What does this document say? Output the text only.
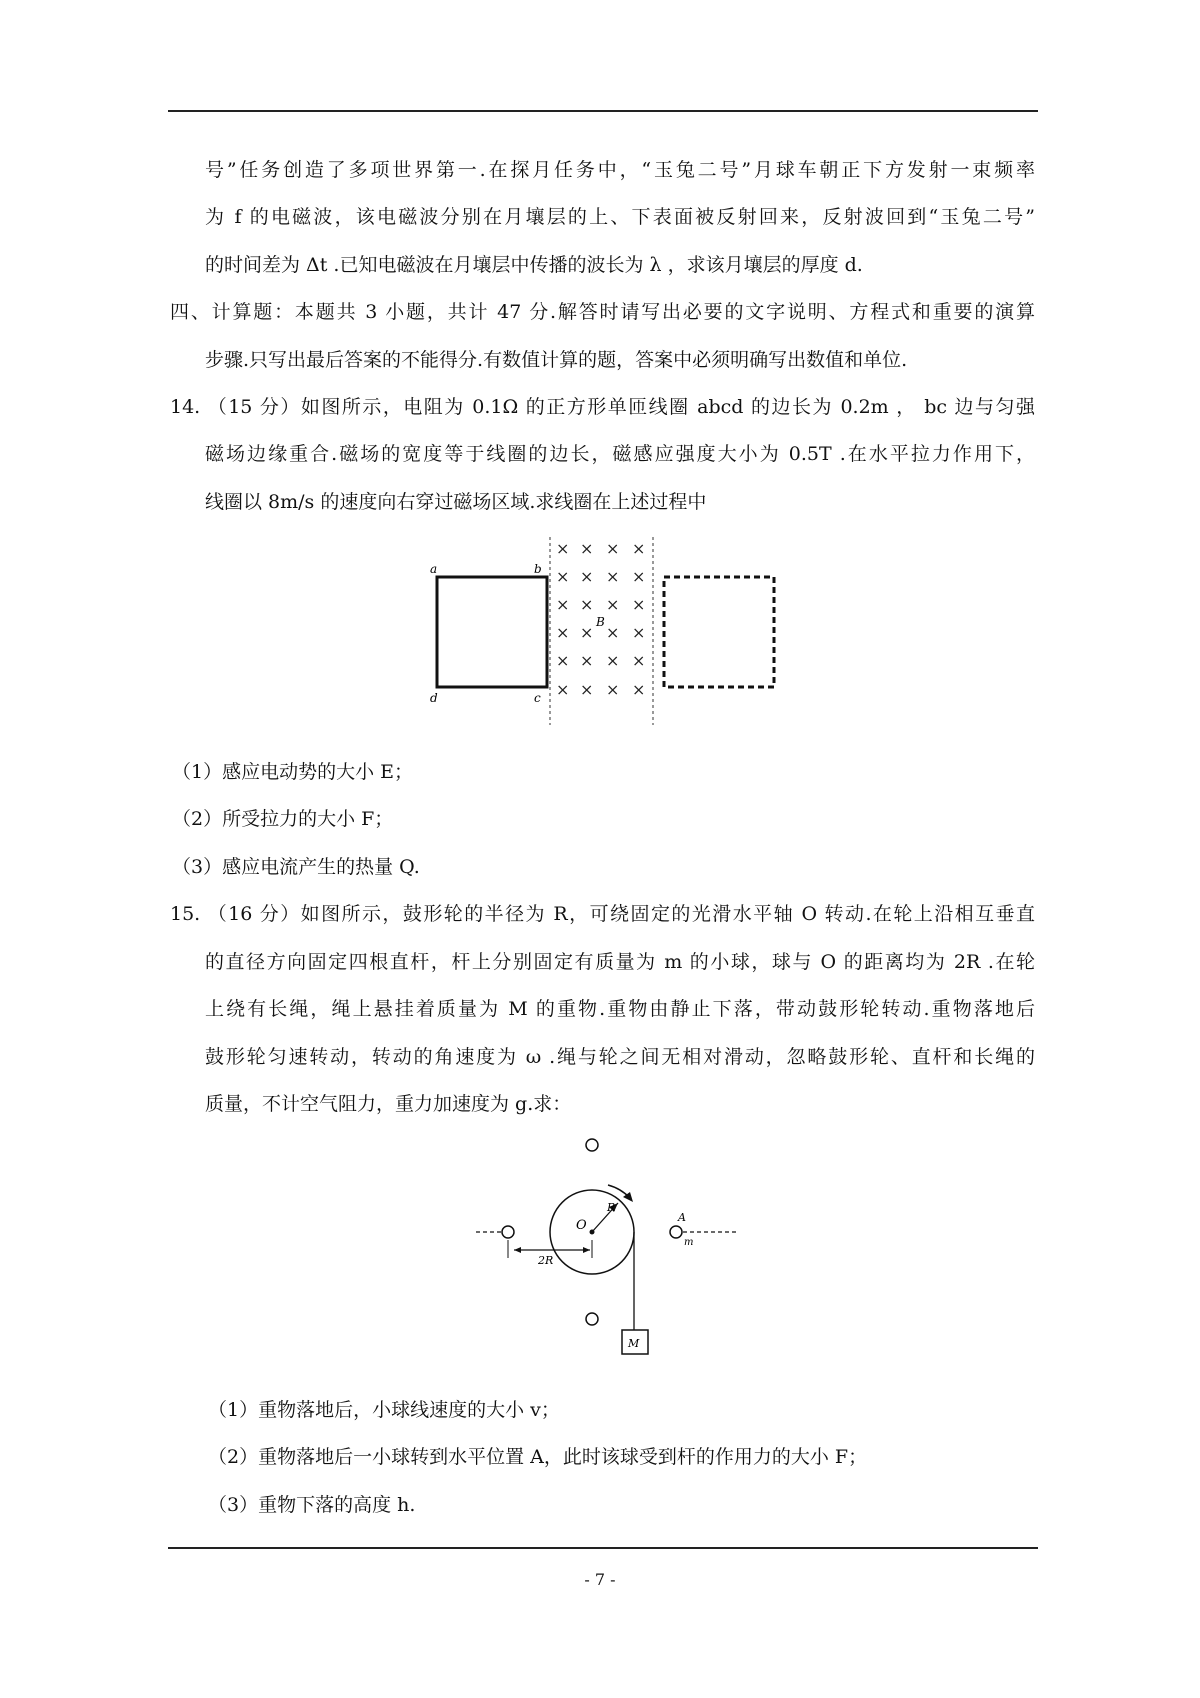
号”任务创造了多项世界第一.在探月任务中，“玉兔二号”月球车朝正下方发射一束频率
为 f 的电磁波，该电磁波分别在月壤层的上、下表面被反射回来，反射波回到“玉兔二号”
的时间差为 Δt .已知电磁波在月壤层中传播的波长为 λ ，求该月壤层的厚度 d.
四、计算题：本题共 3 小题，共计 47 分.解答时请写出必要的文字说明、方程式和重要的演算
步骤.只写出最后答案的不能得分.有数值计算的题，答案中必须明确写出数值和单位.
14. （15 分）如图所示，电阻为 0.1Ω 的正方形单匝线圈 abcd 的边长为 0.2m ， bc 边与匀强
磁场边缘重合.磁场的宽度等于线圈的边长，磁感应强度大小为 0.5T .在水平拉力作用下，
线圈以 8m/s 的速度向右穿过磁场区域.求线圈在上述过程中
a	b
c
d
× × × ×
× × × ×
× × × ×
× × × ×
× × × ×
× × × ×
B
（1）感应电动势的大小 E；
（2）所受拉力的大小 F；
（3）感应电流产生的热量 Q.
15. （16 分）如图所示，鼓形轮的半径为 R，可绕固定的光滑水平轴 O 转动.在轮上沿相互垂直
的直径方向固定四根直杆，杆上分别固定有质量为 m 的小球，球与 O 的距离均为 2R .在轮
上绕有长绳，绳上悬挂着质量为 M 的重物.重物由静止下落，带动鼓形轮转动.重物落地后
鼓形轮匀速转动，转动的角速度为 ω .绳与轮之间无相对滑动，忽略鼓形轮、直杆和长绳的
质量，不计空气阻力，重力加速度为 g.求：
M
O
R
2R
A
m
（1）重物落地后，小球线速度的大小 v；
（2）重物落地后一小球转到水平位置 A，此时该球受到杆的作用力的大小 F；
（3）重物下落的高度 h.
- 7 -
